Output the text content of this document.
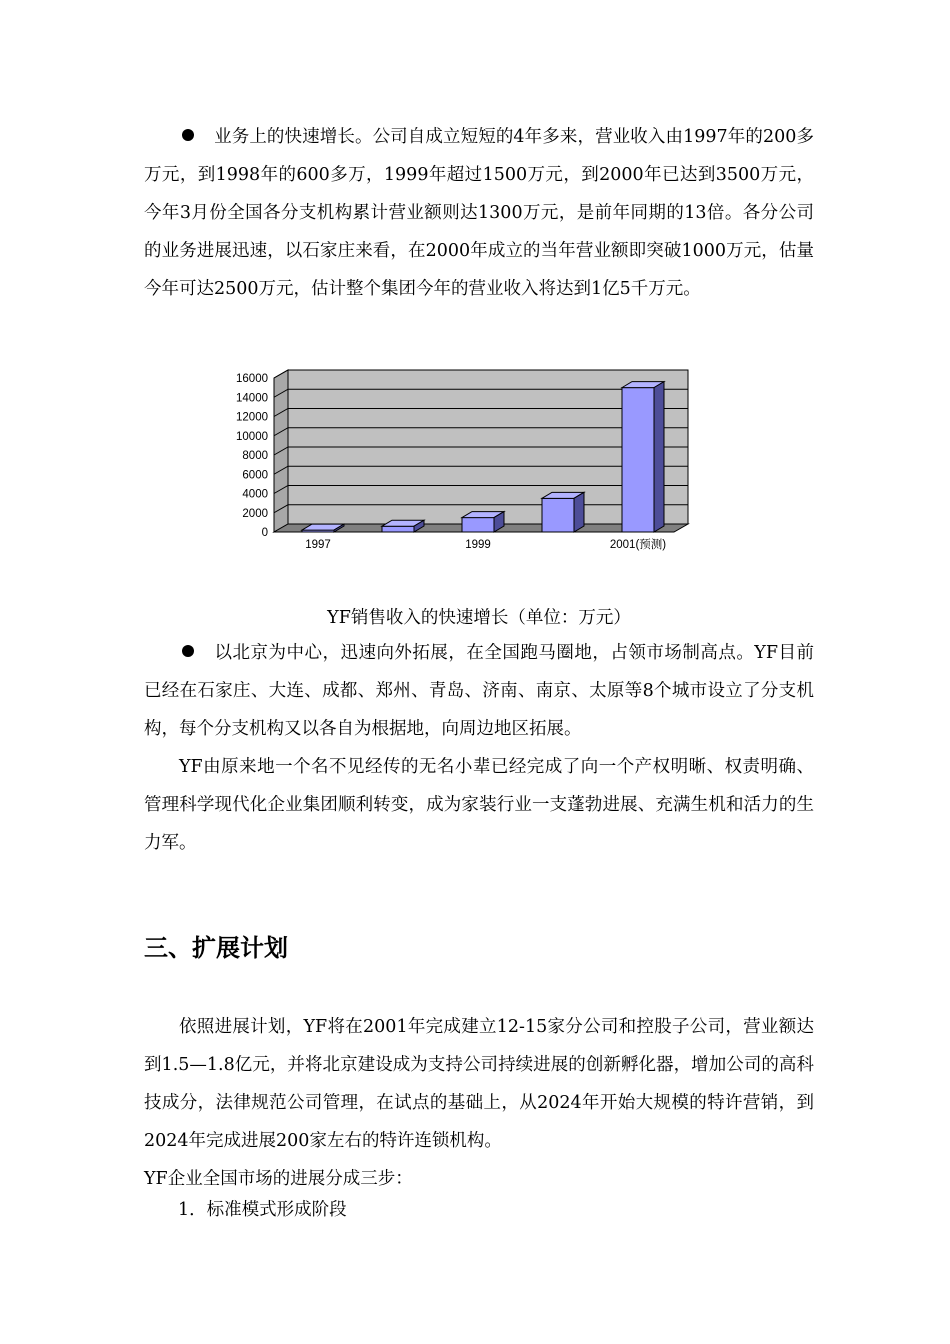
业务上的快速增长。公司自成立短短的4年多来，营业收入由1997年的200多万元，到1998年的600多万，1999年超过1500万元，到2000年已达到3500万元，今年3月份全国各分支机构累计营业额则达1300万元，是前年同期的13倍。各分公司的业务进展迅速，以石家庄来看，在2000年成立的当年营业额即突破1000万元，估量今年可达2500万元，估计整个集团今年的营业收入将达到1亿5千万元。

0
2000
4000
6000
8000
10000
12000
14000
16000
1997	1999	2001(预测)
YF销售收入的快速增长（单位：万元）

以北京为中心，迅速向外拓展，在全国跑马圈地，占领市场制高点。YF目前已经在石家庄、大连、成都、郑州、青岛、济南、南京、太原等8个城市设立了分支机构，每个分支机构又以各自为根据地，向周边地区拓展。

YF由原来地一个名不见经传的无名小辈已经完成了向一个产权明晰、权责明确、管理科学现代化企业集团顺利转变，成为家装行业一支蓬勃进展、充满生机和活力的生力军。

三、扩展计划

依照进展计划，YF将在2001年完成建立12-15家分公司和控股子公司，营业额达到1.5—1.8亿元，并将北京建设成为支持公司持续进展的创新孵化器，增加公司的高科技成分，法律规范公司管理，在试点的基础上，从2024年开始大规模的特许营销，到2024年完成进展200家左右的特许连锁机构。

YF企业全国市场的进展分成三步：

1．标准模式形成阶段
